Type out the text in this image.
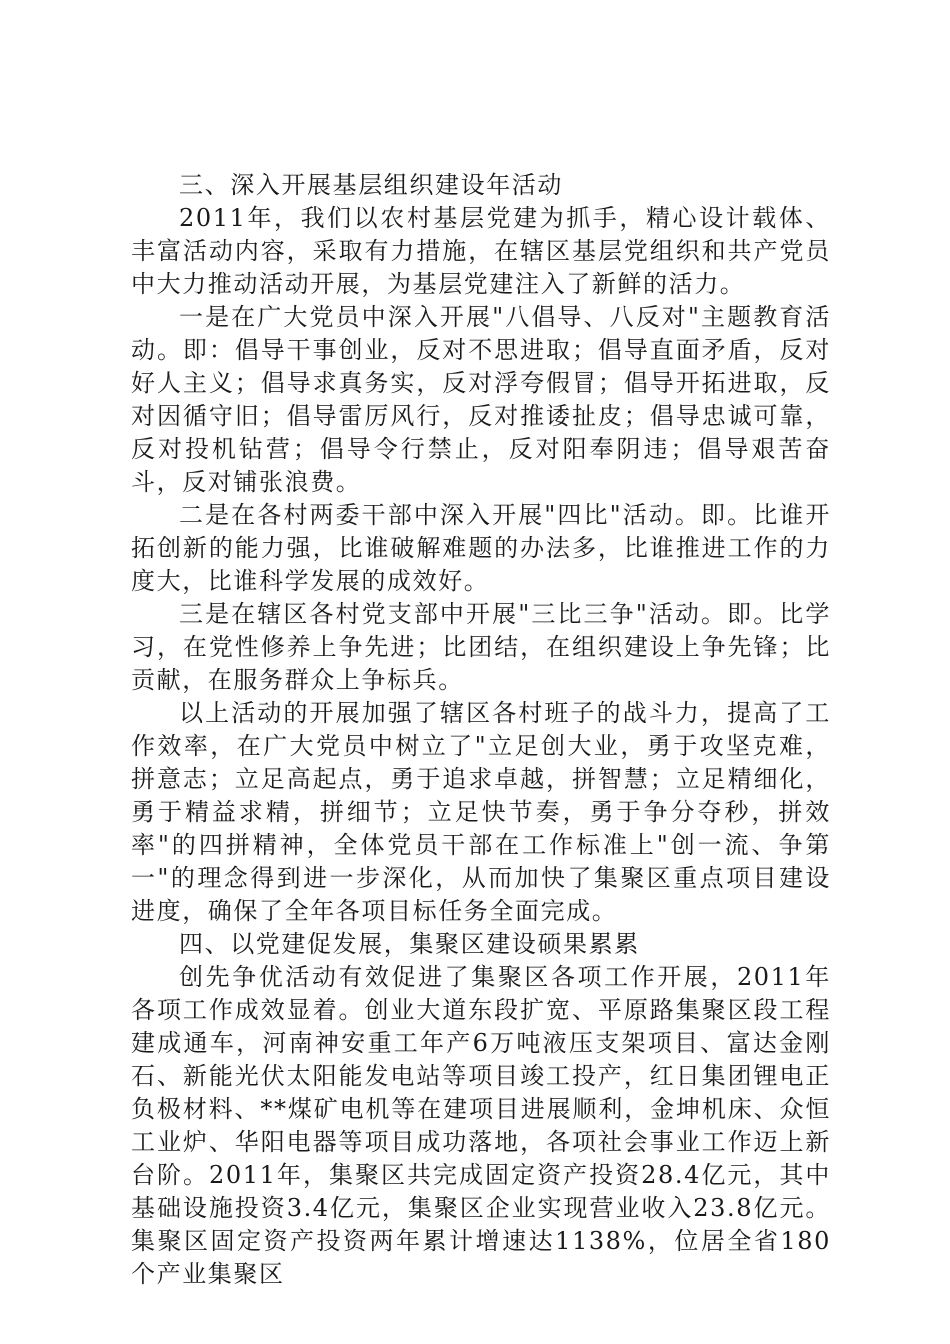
三、深入开展基层组织建设年活动

2011年，我们以农村基层党建为抓手，精心设计载体、丰富活动内容，采取有力措施，在辖区基层党组织和共产党员中大力推动活动开展，为基层党建注入了新鲜的活力。

一是在广大党员中深入开展"八倡导、八反对"主题教育活动。即：倡导干事创业，反对不思进取；倡导直面矛盾，反对好人主义；倡导求真务实，反对浮夸假冒；倡导开拓进取，反对因循守旧；倡导雷厉风行，反对推诿扯皮；倡导忠诚可靠，反对投机钻营；倡导令行禁止，反对阳奉阴违；倡导艰苦奋斗，反对铺张浪费。

二是在各村两委干部中深入开展"四比"活动。即。比谁开拓创新的能力强，比谁破解难题的办法多，比谁推进工作的力度大，比谁科学发展的成效好。

三是在辖区各村党支部中开展"三比三争"活动。即。比学习，在党性修养上争先进；比团结，在组织建设上争先锋；比贡献，在服务群众上争标兵。

以上活动的开展加强了辖区各村班子的战斗力，提高了工作效率，在广大党员中树立了"立足创大业，勇于攻坚克难，拼意志；立足高起点，勇于追求卓越，拼智慧；立足精细化，勇于精益求精，拼细节；立足快节奏，勇于争分夺秒，拼效率"的四拼精神，全体党员干部在工作标准上"创一流、争第一"的理念得到进一步深化，从而加快了集聚区重点项目建设进度，确保了全年各项目标任务全面完成。

四、以党建促发展，集聚区建设硕果累累

创先争优活动有效促进了集聚区各项工作开展，2011年各项工作成效显着。创业大道东段扩宽、平原路集聚区段工程建成通车，河南神安重工年产6万吨液压支架项目、富达金刚石、新能光伏太阳能发电站等项目竣工投产，红日集团锂电正负极材料、**煤矿电机等在建项目进展顺利，金坤机床、众恒工业炉、华阳电器等项目成功落地，各项社会事业工作迈上新台阶。2011年，集聚区共完成固定资产投资28.4亿元，其中基础设施投资3.4亿元，集聚区企业实现营业收入23.8亿元。集聚区固定资产投资两年累计增速达1138%，位居全省180个产业集聚区
